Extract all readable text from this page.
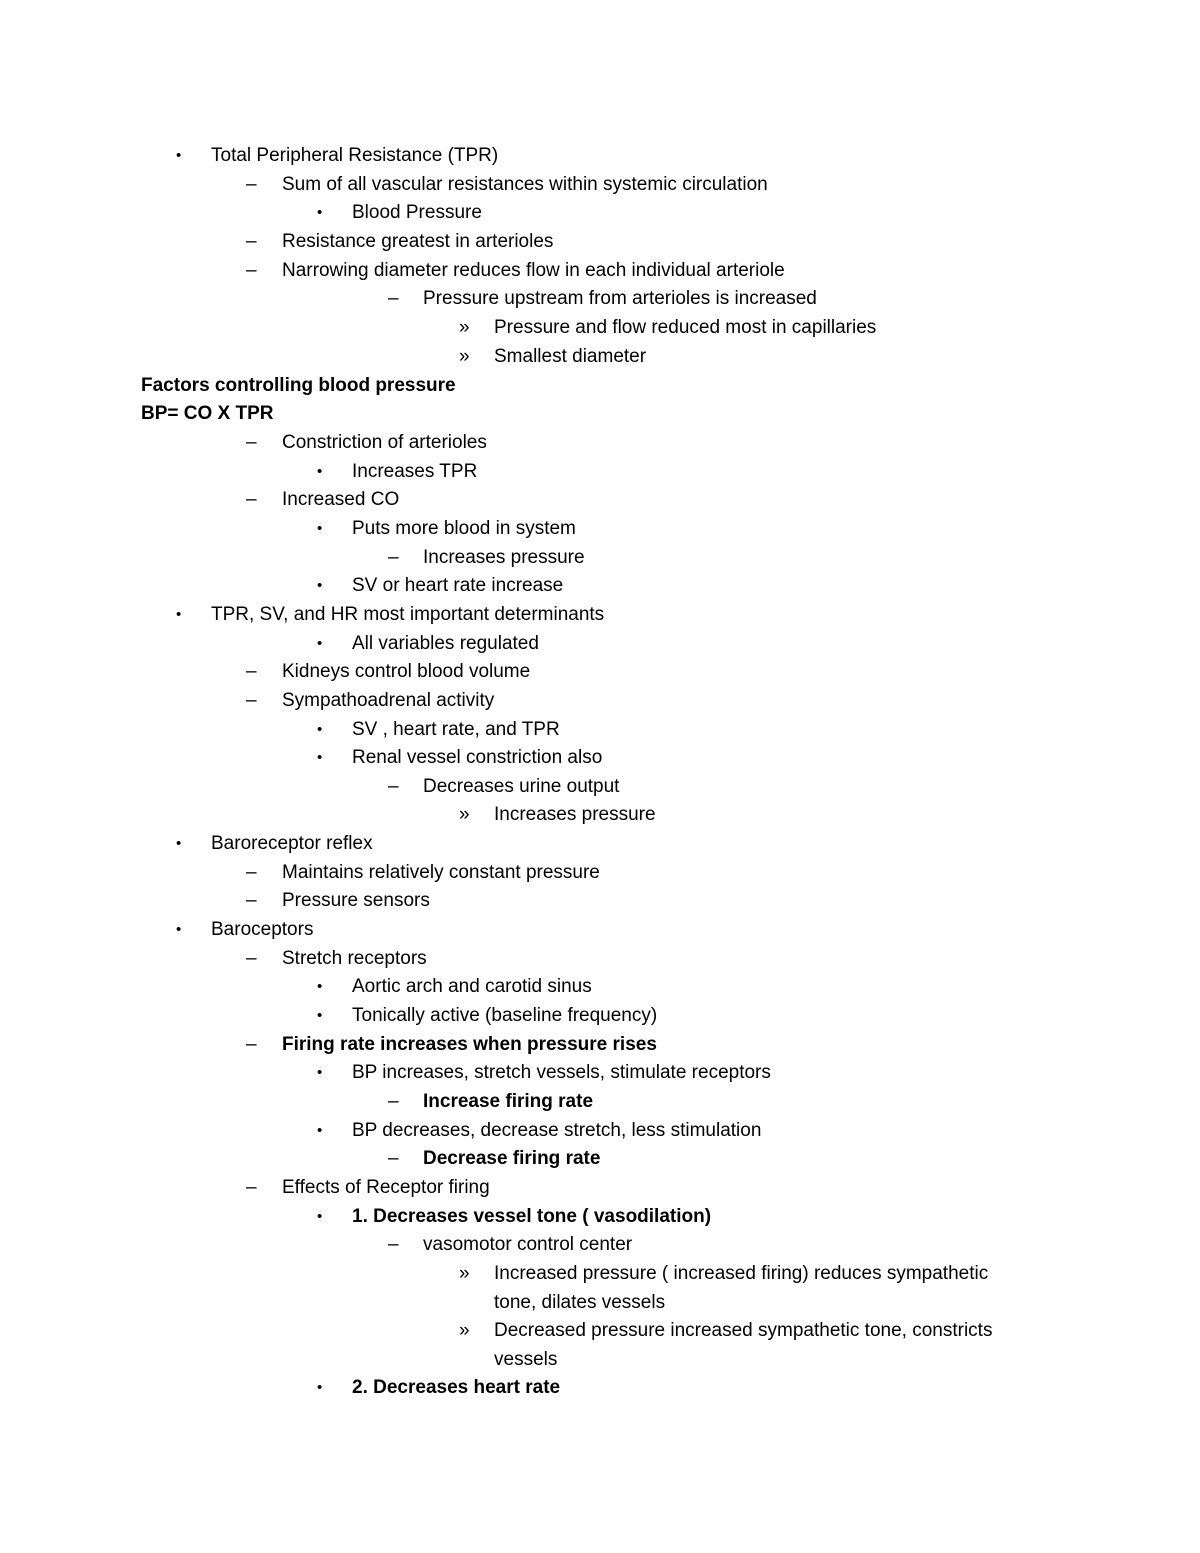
• Total Peripheral Resistance (TPR)
– Sum of all vascular resistances within systemic circulation
• Blood Pressure
– Resistance greatest in arterioles
– Narrowing diameter reduces flow in each individual arteriole
– Pressure upstream from arterioles is increased
» Pressure and flow reduced most in capillaries
» Smallest diameter
Factors controlling blood pressure
BP= CO X TPR
– Constriction of arterioles
• Increases TPR
– Increased CO
• Puts more blood in system
– Increases pressure
• SV or heart rate increase
• TPR, SV, and HR most important determinants
• All variables regulated
– Kidneys control blood volume
– Sympathoadrenal activity
• SV , heart rate, and TPR
• Renal vessel constriction also
– Decreases urine output
» Increases pressure
• Baroreceptor reflex
– Maintains relatively constant pressure
– Pressure sensors
• Baroceptors
– Stretch receptors
• Aortic arch and carotid sinus
• Tonically active (baseline frequency)
– Firing rate increases when pressure rises
• BP increases, stretch vessels, stimulate receptors
– Increase firing rate
• BP decreases, decrease stretch, less stimulation
– Decrease firing rate
– Effects of Receptor firing
• 1. Decreases vessel tone ( vasodilation)
– vasomotor control center
» Increased pressure ( increased firing) reduces sympathetic
tone, dilates vessels
» Decreased pressure increased sympathetic tone, constricts
vessels
• 2. Decreases heart rate
